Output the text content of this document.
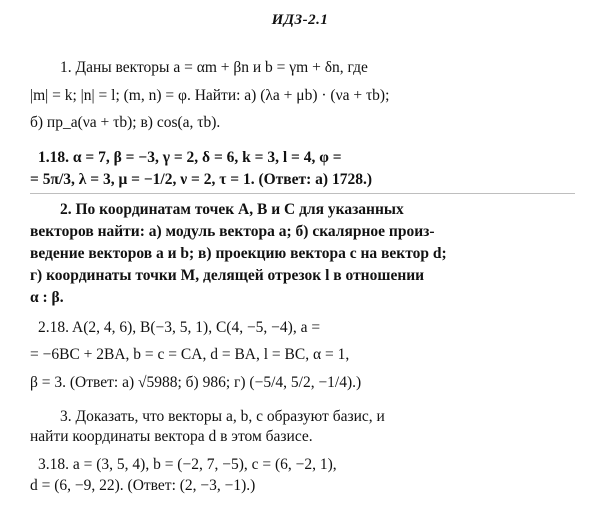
ИДЗ-2.1
1. Даны векторы a = αm + βn и b = γm + δn, где
|m| = k; |n| = l; (m, n) = φ. Найти: а) (λa + μb) · (νa + τb);
б) пр_a(νa + τb); в) cos(a, τb).
1.18. α = 7, β = −3, γ = 2, δ = 6, k = 3, l = 4, φ =
= 5π/3, λ = 3, μ = −1/2, ν = 2, τ = 1. (Ответ: а) 1728.)
2. По координатам точек A, B и C для указанных
векторов найти: а) модуль вектора a; б) скалярное произ-
ведение векторов a и b; в) проекцию вектора c на вектор d;
г) координаты точки M, делящей отрезок l в отношении
α : β.
2.18. A(2, 4, 6), B(−3, 5, 1), C(4, −5, −4), a =
= −6BC + 2BA, b = c = CA, d = BA, l = BC, α = 1,
β = 3. (Ответ: а) √5988; б) 986; г) (−5/4, 5/2, −1/4).)
3. Доказать, что векторы a, b, c образуют базис, и
найти координаты вектора d в этом базисе.
3.18. a = (3, 5, 4), b = (−2, 7, −5), c = (6, −2, 1),
d = (6, −9, 22). (Ответ: (2, −3, −1).)
